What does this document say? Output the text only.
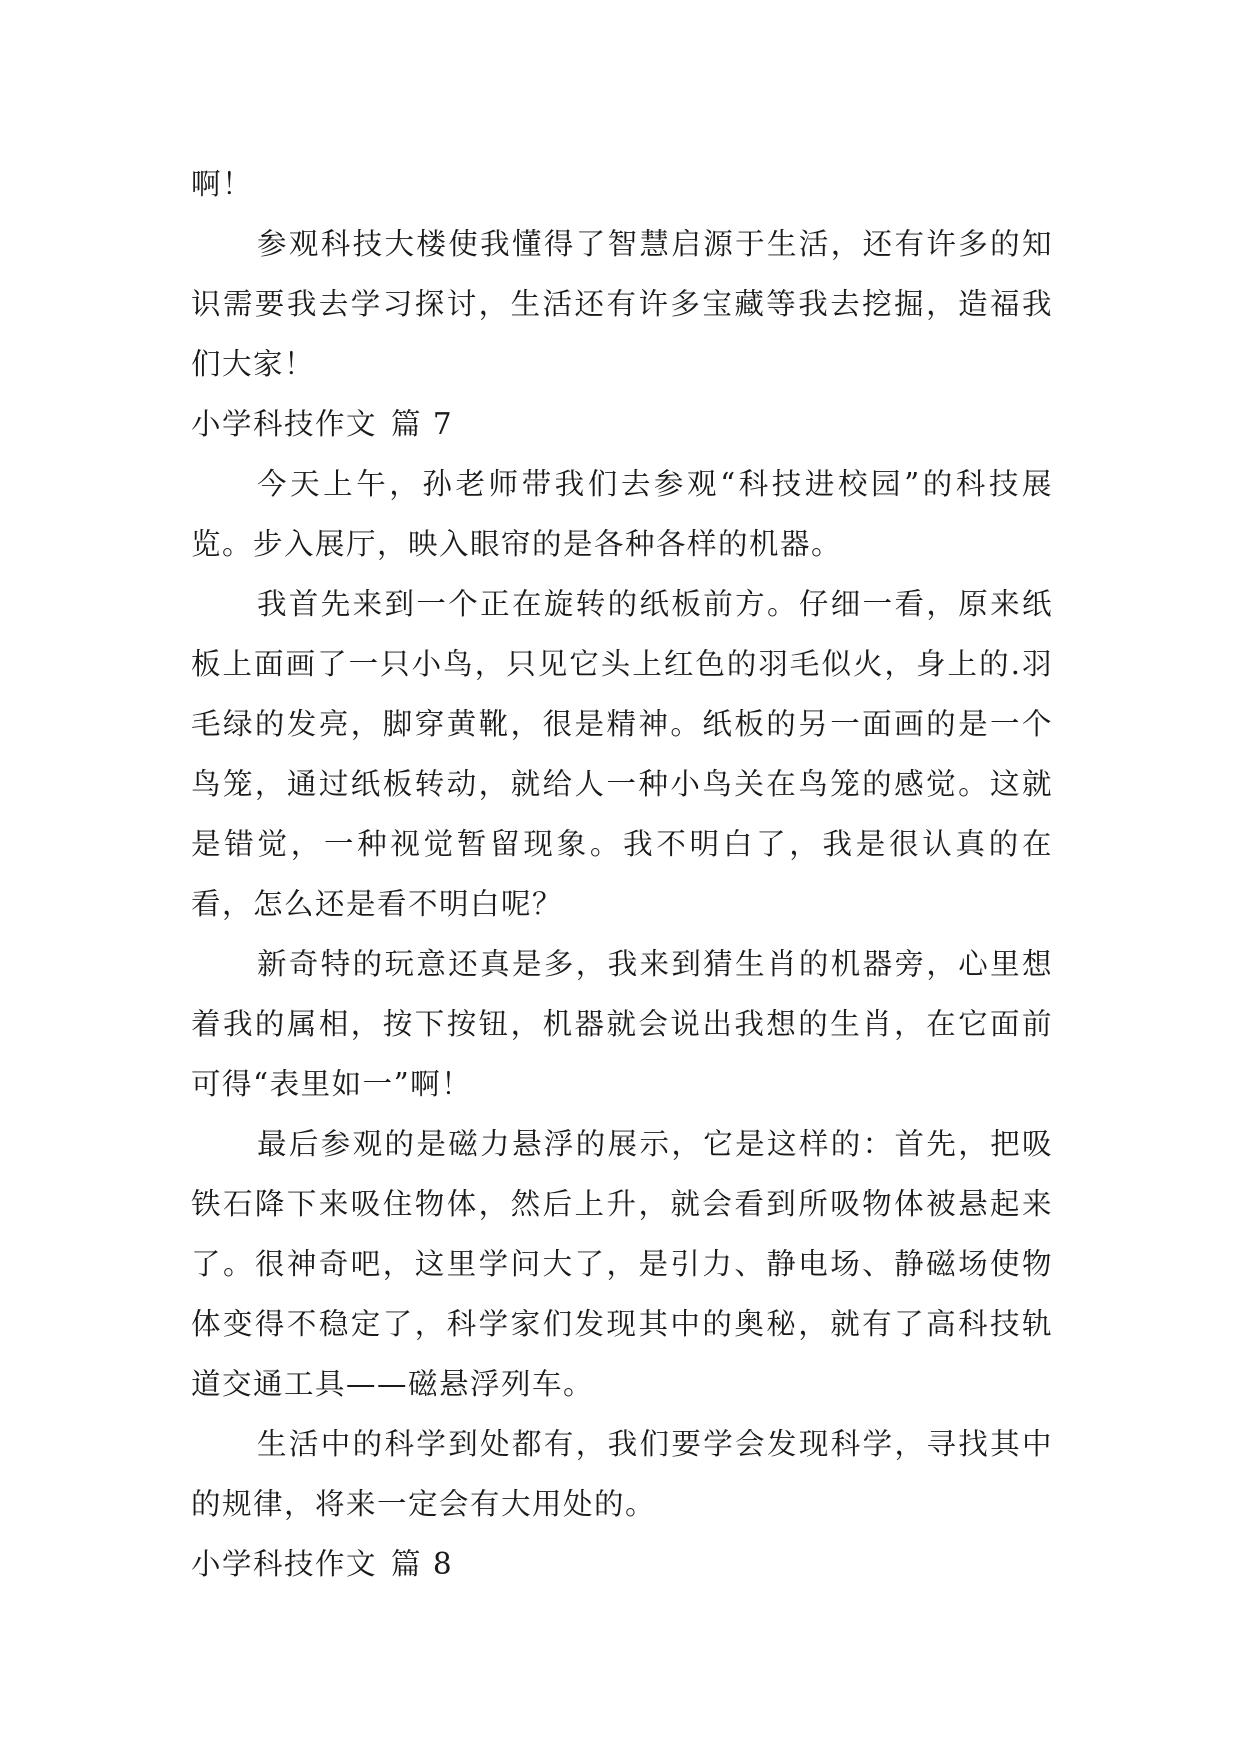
啊！

参观科技大楼使我懂得了智慧启源于生活，还有许多的知识需要我去学习探讨，生活还有许多宝藏等我去挖掘，造福我们大家！

小学科技作文 篇 7

今天上午，孙老师带我们去参观“科技进校园”的科技展览。步入展厅，映入眼帘的是各种各样的机器。

我首先来到一个正在旋转的纸板前方。仔细一看，原来纸板上面画了一只小鸟，只见它头上红色的羽毛似火，身上的.羽毛绿的发亮，脚穿黄靴，很是精神。纸板的另一面画的是一个鸟笼，通过纸板转动，就给人一种小鸟关在鸟笼的感觉。这就是错觉，一种视觉暂留现象。我不明白了，我是很认真的在看，怎么还是看不明白呢？

新奇特的玩意还真是多，我来到猜生肖的机器旁，心里想着我的属相，按下按钮，机器就会说出我想的生肖，在它面前可得“表里如一”啊！

最后参观的是磁力悬浮的展示，它是这样的：首先，把吸铁石降下来吸住物体，然后上升，就会看到所吸物体被悬起来了。很神奇吧，这里学问大了，是引力、静电场、静磁场使物体变得不稳定了，科学家们发现其中的奥秘，就有了高科技轨道交通工具——磁悬浮列车。

生活中的科学到处都有，我们要学会发现科学，寻找其中的规律，将来一定会有大用处的。

小学科技作文 篇 8
